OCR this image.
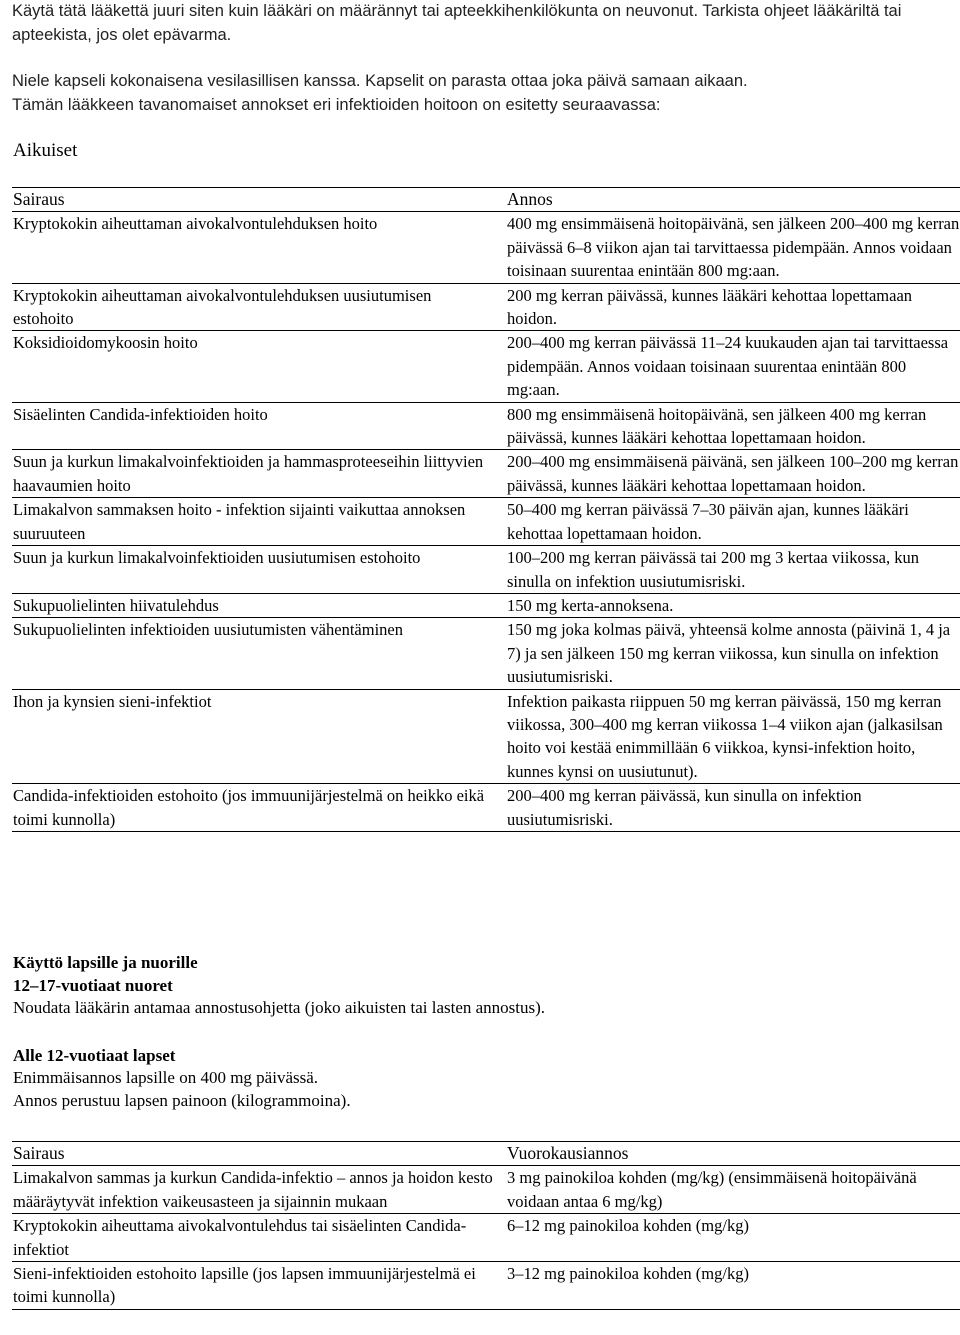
Käytä tätä lääkettä juuri siten kuin lääkäri on määrännyt tai apteekkihenkilökunta on neuvonut. Tarkista ohjeet lääkäriltä tai apteekista, jos olet epävarma.

Niele kapseli kokonaisena vesilasillisen kanssa. Kapselit on parasta ottaa joka päivä samaan aikaan.

Tämän lääkkeen tavanomaiset annokset eri infektioiden hoitoon on esitetty seuraavassa:

Aikuiset
Sairaus	Annos
Kryptokokin aiheuttaman aivokalvontulehduksen hoito	400 mg ensimmäisenä hoitopäivänä, sen jälkeen 200–400 mg kerran päivässä 6–8 viikon ajan tai tarvittaessa pidempään. Annos voidaan toisinaan suurentaa enintään 800 mg:aan.
Kryptokokin aiheuttaman aivokalvontulehduksen uusiutumisen estohoito	200 mg kerran päivässä, kunnes lääkäri kehottaa lopettamaan hoidon.
Koksidioidomykoosin hoito	200–400 mg kerran päivässä 11–24 kuukauden ajan tai tarvittaessa pidempään. Annos voidaan toisinaan suurentaa enintään 800 mg:aan.
Sisäelinten Candida-infektioiden hoito	800 mg ensimmäisenä hoitopäivänä, sen jälkeen 400 mg kerran päivässä, kunnes lääkäri kehottaa lopettamaan hoidon.
Suun ja kurkun limakalvoinfektioiden ja hammasproteeseihin liittyvien haavaumien hoito	200–400 mg ensimmäisenä päivänä, sen jälkeen 100–200 mg kerran päivässä, kunnes lääkäri kehottaa lopettamaan hoidon.
Limakalvon sammaksen hoito - infektion sijainti vaikuttaa annoksen suuruuteen	50–400 mg kerran päivässä 7–30 päivän ajan, kunnes lääkäri kehottaa lopettamaan hoidon.
Suun ja kurkun limakalvoinfektioiden uusiutumisen estohoito	100–200 mg kerran päivässä tai 200 mg 3 kertaa viikossa, kun sinulla on infektion uusiutumisriski.
Sukupuolielinten hiivatulehdus	150 mg kerta-annoksena.
Sukupuolielinten infektioiden uusiutumisten vähentäminen	150 mg joka kolmas päivä, yhteensä kolme annosta (päivinä 1, 4 ja 7) ja sen jälkeen 150 mg kerran viikossa, kun sinulla on infektion uusiutumisriski.
Ihon ja kynsien sieni-infektiot	Infektion paikasta riippuen 50 mg kerran päivässä, 150 mg kerran viikossa, 300–400 mg kerran viikossa 1–4 viikon ajan (jalkasilsan hoito voi kestää enimmillään 6 viikkoa, kynsi-infektion hoito, kunnes kynsi on uusiutunut).
Candida-infektioiden estohoito (jos immuunijärjestelmä on heikko eikä toimi kunnolla)	200–400 mg kerran päivässä, kun sinulla on infektion uusiutumisriski.

Käyttö lapsille ja nuorille

12–17-vuotiaat nuoret

Noudata lääkärin antamaa annostusohjetta (joko aikuisten tai lasten annostus).

Alle 12-vuotiaat lapset

Enimmäisannos lapsille on 400 mg päivässä.

Annos perustuu lapsen painoon (kilogrammoina).

Sairaus	Vuorokausiannos
Limakalvon sammas ja kurkun Candida-infektio – annos ja hoidon kesto määräytyvät infektion vaikeusasteen ja sijainnin mukaan	3 mg painokiloa kohden (mg/kg) (ensimmäisenä hoitopäivänä voidaan antaa 6 mg/kg)
Kryptokokin aiheuttama aivokalvontulehdus tai sisäelinten Candida-infektiot	6–12 mg painokiloa kohden (mg/kg)
Sieni-infektioiden estohoito lapsille (jos lapsen immuunijärjestelmä ei toimi kunnolla)	3–12 mg painokiloa kohden (mg/kg)
